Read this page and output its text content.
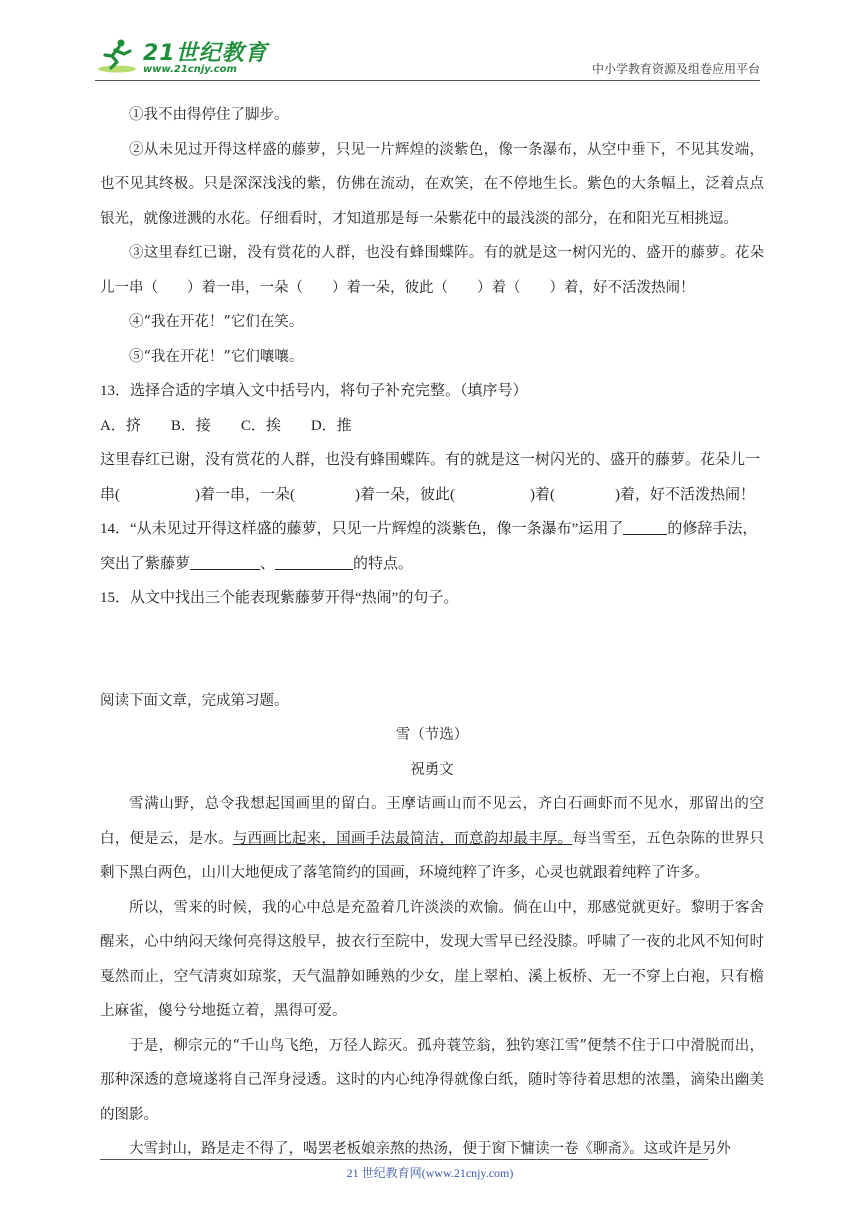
21世纪教育
www.21cnjy.com	中小学教育资源及组卷应用平台

①我不由得停住了脚步。

②从未见过开得这样盛的藤萝，只见一片辉煌的淡紫色，像一条瀑布，从空中垂下，不见其发端，也不见其终极。只是深深浅浅的紫，仿佛在流动，在欢笑，在不停地生长。紫色的大条幅上，泛着点点银光，就像迸溅的水花。仔细看时，才知道那是每一朵紫花中的最浅淡的部分，在和阳光互相挑逗。

③这里春红已谢，没有赏花的人群，也没有蜂围蝶阵。有的就是这一树闪光的、盛开的藤萝。花朵儿一串（　　）着一串，一朵（　　）着一朵，彼此（　　）着（　　）着，好不活泼热闹！

④“我在开花！”它们在笑。

⑤“我在开花！”它们嚷嚷。

13．选择合适的字填入文中括号内，将句子补充完整。（填序号）

A．挤　　B．接　　C．挨　　D．推

这里春红已谢，没有赏花的人群，也没有蜂围蝶阵。有的就是这一树闪光的、盛开的藤萝。花朵儿一

串(　　　　　)着一串，一朵(　　　　)着一朵，彼此(　　　　　)着(　　　　)着，好不活泼热闹！

14．“从未见过开得这样盛的藤萝，只见一片辉煌的淡紫色，像一条瀑布”运用了	的修辞手法，
突出了紫藤萝	、	的特点。

15．从文中找出三个能表现紫藤萝开得“热闹”的句子。

阅读下面文章，完成第习题。

雪（节选）

祝勇文

雪满山野，总令我想起国画里的留白。王摩诘画山而不见云，齐白石画虾而不见水，那留出的空白，便是云，是水。与西画比起来，国画手法最简洁，而意韵却最丰厚。每当雪至，五色杂陈的世界只剩下黑白两色，山川大地便成了落笔简约的国画，环境纯粹了许多，心灵也就跟着纯粹了许多。

所以，雪来的时候，我的心中总是充盈着几许淡淡的欢愉。倘在山中，那感觉就更好。黎明于客舍醒来，心中纳闷天缘何亮得这般早，披衣行至院中，发现大雪早已经没膝。呼啸了一夜的北风不知何时戛然而止，空气清爽如琼浆，天气温静如睡熟的少女，崖上翠柏、溪上板桥、无一不穿上白袍，只有檐上麻雀，傻兮兮地挺立着，黑得可爱。

于是，柳宗元的“千山鸟飞绝，万径人踪灭。孤舟蓑笠翁，独钓寒江雪”便禁不住于口中滑脱而出，那种深透的意境遂将自己浑身浸透。这时的内心纯净得就像白纸，随时等待着思想的浓墨，滴染出幽美的图影。

大雪封山，路是走不得了，喝罢老板娘亲熬的热汤，便于窗下慵读一卷《聊斋》。这或许是另外

21 世纪教育网(www.21cnjy.com)
